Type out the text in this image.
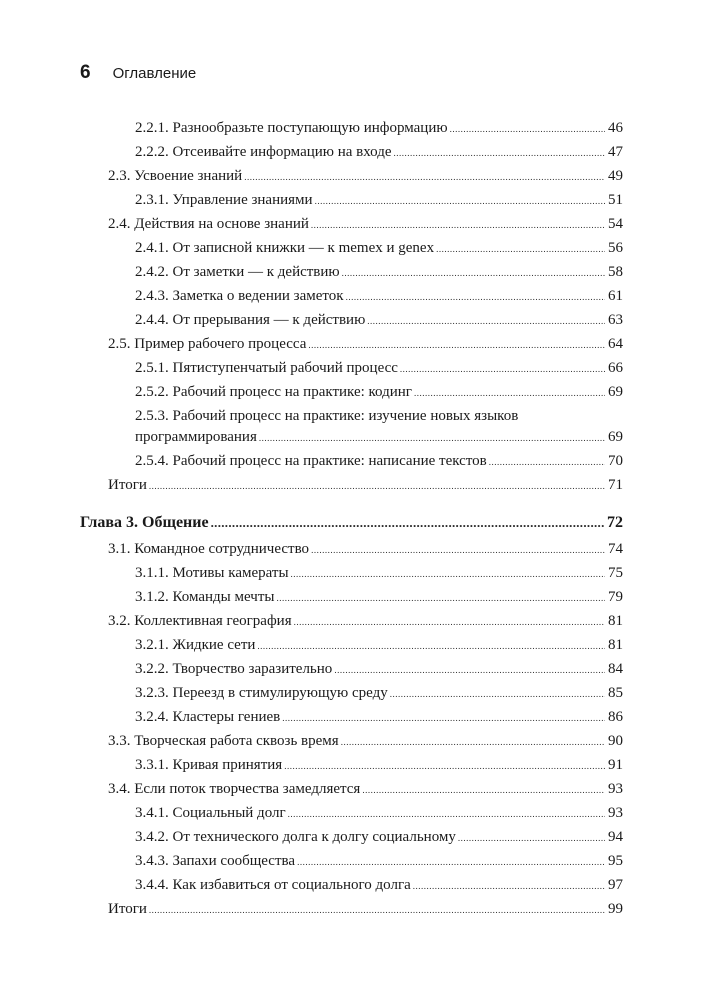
6 Оглавление
2.2.1. Разнообразьте поступающую информацию .....	46
2.2.2. Отсеивайте информацию на входе .....	47
2.3. Усвоение знаний .....	49
2.3.1. Управление знаниями .....	51
2.4. Действия на основе знаний .....	54
2.4.1. От записной книжки — к memex и genex .....	56
2.4.2. От заметки — к действию .....	58
2.4.3. Заметка о ведении заметок .....	61
2.4.4. От прерывания — к действию .....	63
2.5. Пример рабочего процесса .....	64
2.5.1. Пятиступенчатый рабочий процесс .....	66
2.5.2. Рабочий процесс на практике: кодинг .....	69
2.5.3. Рабочий процесс на практике: изучение новых языков
программирования .....	69
2.5.4. Рабочий процесс на практике: написание текстов .....	70
Итоги .....	71
Глава 3. Общение .....	72
3.1. Командное сотрудничество .....	74
3.1.1. Мотивы камераты .....	75
3.1.2. Команды мечты .....	79
3.2. Коллективная география .....	81
3.2.1. Жидкие сети .....	81
3.2.2. Творчество заразительно .....	84
3.2.3. Переезд в стимулирующую среду .....	85
3.2.4. Кластеры гениев .....	86
3.3. Творческая работа сквозь время .....	90
3.3.1. Кривая принятия .....	91
3.4. Если поток творчества замедляется .....	93
3.4.1. Социальный долг .....	93
3.4.2. От технического долга к долгу социальному .....	94
3.4.3. Запахи сообщества .....	95
3.4.4. Как избавиться от социального долга .....	97
Итоги .....	99
